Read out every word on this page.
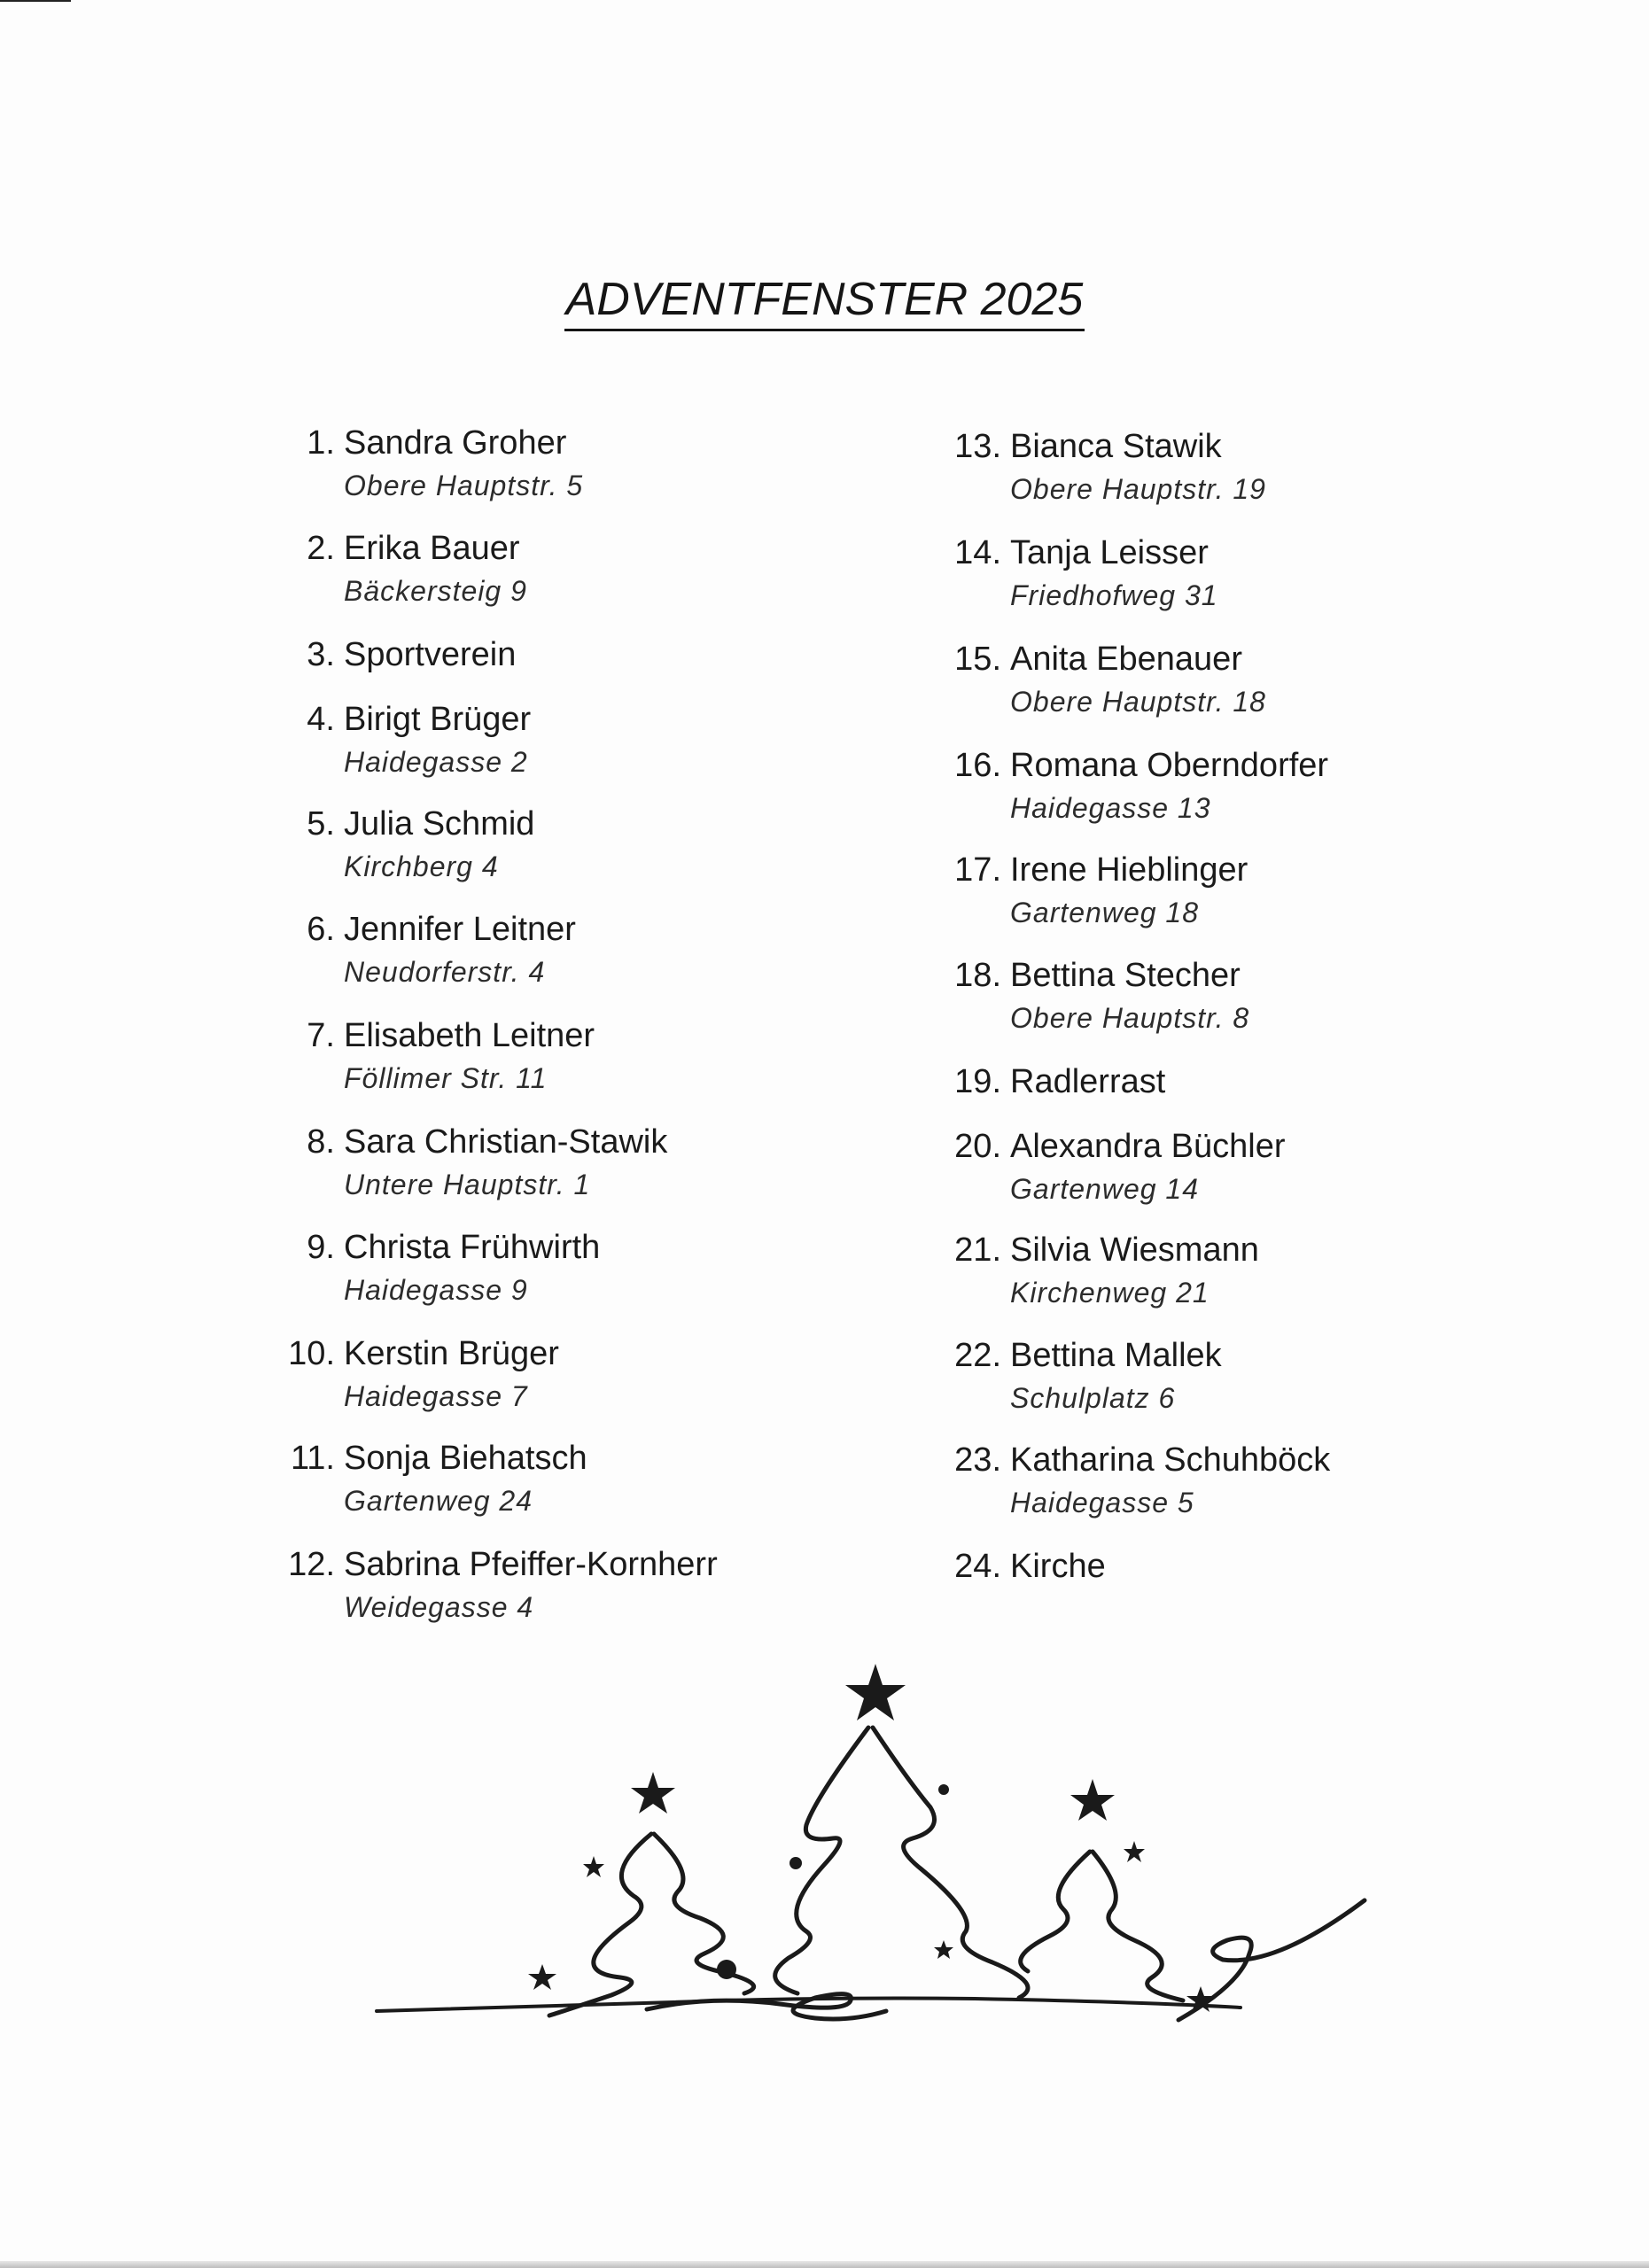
ADVENTFENSTER 2025
1. Sandra Groher
Obere Hauptstr. 5
2. Erika Bauer
Bäckersteig 9
3. Sportverein
4. Birigt Brüger
Haidegasse 2
5. Julia Schmid
Kirchberg 4
6. Jennifer Leitner
Neudorferstr. 4
7. Elisabeth Leitner
Föllimer Str. 11
8. Sara Christian-Stawik
Untere Hauptstr. 1
9. Christa Frühwirth
Haidegasse 9
10. Kerstin Brüger
Haidegasse 7
11. Sonja Biehatsch
Gartenweg 24
12. Sabrina Pfeiffer-Kornherr
Weidegasse 4
13. Bianca Stawik
Obere Hauptstr. 19
14. Tanja Leisser
Friedhofweg 31
15. Anita Ebenauer
Obere Hauptstr. 18
16. Romana Oberndorfer
Haidegasse 13
17. Irene Hieblinger
Gartenweg 18
18. Bettina Stecher
Obere Hauptstr. 8
19. Radlerrast
20. Alexandra Büchler
Gartenweg 14
21. Silvia Wiesmann
Kirchenweg 21
22. Bettina Mallek
Schulplatz 6
23. Katharina Schuhböck
Haidegasse 5
24. Kirche
